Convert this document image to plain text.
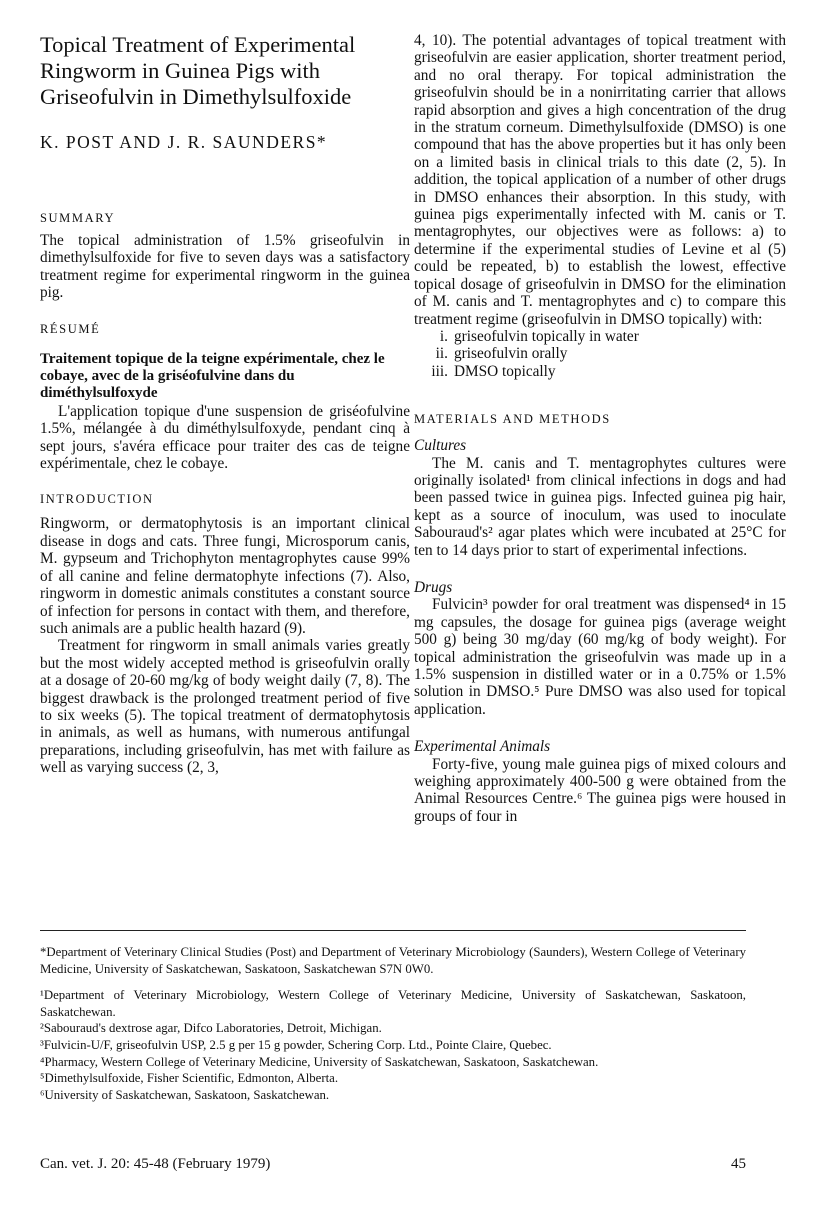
Topical Treatment of Experimental Ringworm in Guinea Pigs with Griseofulvin in Dimethylsulfoxide
K. POST AND J. R. SAUNDERS*
SUMMARY

The topical administration of 1.5% griseofulvin in dimethylsulfoxide for five to seven days was a satisfactory treatment regime for experimental ringworm in the guinea pig.

RÉSUMÉ

Traitement topique de la teigne expérimentale, chez le cobaye, avec de la griséofulvine dans du diméthylsulfoxyde

L'application topique d'une suspension de griséofulvine 1.5%, mélangée à du diméthylsulfoxyde, pendant cinq à sept jours, s'avéra efficace pour traiter des cas de teigne expérimentale, chez le cobaye.

INTRODUCTION

Ringworm, or dermatophytosis is an important clinical disease in dogs and cats. Three fungi, Microsporum canis, M. gypseum and Trichophyton mentagrophytes cause 99% of all canine and feline dermatophyte infections (7). Also, ringworm in domestic animals constitutes a constant source of infection for persons in contact with them, and therefore, such animals are a public health hazard (9).

Treatment for ringworm in small animals varies greatly but the most widely accepted method is griseofulvin orally at a dosage of 20-60 mg/kg of body weight daily (7, 8). The biggest drawback is the prolonged treatment period of five to six weeks (5). The topical treatment of dermatophytosis in animals, as well as humans, with numerous antifungal preparations, including griseofulvin, has met with failure as well as varying success (2, 3,

4, 10). The potential advantages of topical treatment with griseofulvin are easier application, shorter treatment period, and no oral therapy. For topical administration the griseofulvin should be in a nonirritating carrier that allows rapid absorption and gives a high concentration of the drug in the stratum corneum. Dimethylsulfoxide (DMSO) is one compound that has the above properties but it has only been on a limited basis in clinical trials to this date (2, 5). In addition, the topical application of a number of other drugs in DMSO enhances their absorption. In this study, with guinea pigs experimentally infected with M. canis or T. mentagrophytes, our objectives were as follows: a) to determine if the experimental studies of Levine et al (5) could be repeated, b) to establish the lowest, effective topical dosage of griseofulvin in DMSO for the elimination of M. canis and T. mentagrophytes and c) to compare this treatment regime (griseofulvin in DMSO topically) with:

i. griseofulvin topically in water
ii. griseofulvin orally
iii. DMSO topically
MATERIALS AND METHODS

Cultures

The M. canis and T. mentagrophytes cultures were originally isolated¹ from clinical infections in dogs and had been passed twice in guinea pigs. Infected guinea pig hair, kept as a source of inoculum, was used to inoculate Sabouraud's² agar plates which were incubated at 25°C for ten to 14 days prior to start of experimental infections.

Drugs

Fulvicin³ powder for oral treatment was dispensed⁴ in 15 mg capsules, the dosage for guinea pigs (average weight 500 g) being 30 mg/day (60 mg/kg of body weight). For topical administration the griseofulvin was made up in a 1.5% suspension in distilled water or in a 0.75% or 1.5% solution in DMSO.⁵ Pure DMSO was also used for topical application.

Experimental Animals

Forty-five, young male guinea pigs of mixed colours and weighing approximately 400-500 g were obtained from the Animal Resources Centre.⁶ The guinea pigs were housed in groups of four in

*Department of Veterinary Clinical Studies (Post) and Department of Veterinary Microbiology (Saunders), Western College of Veterinary Medicine, University of Saskatchewan, Saskatoon, Saskatchewan S7N 0W0.

¹Department of Veterinary Microbiology, Western College of Veterinary Medicine, University of Saskatchewan, Saskatoon, Saskatchewan.

²Sabouraud's dextrose agar, Difco Laboratories, Detroit, Michigan.

³Fulvicin-U/F, griseofulvin USP, 2.5 g per 15 g powder, Schering Corp. Ltd., Pointe Claire, Quebec.

⁴Pharmacy, Western College of Veterinary Medicine, University of Saskatchewan, Saskatoon, Saskatchewan.

⁵Dimethylsulfoxide, Fisher Scientific, Edmonton, Alberta.

⁶University of Saskatchewan, Saskatoon, Saskatchewan.

Can. vet. J. 20: 45-48 (February 1979)	45
